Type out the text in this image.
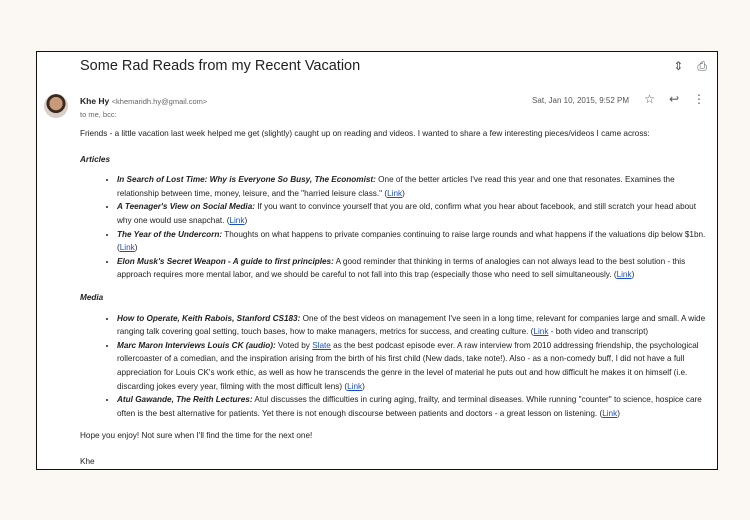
Some Rad Reads from my Recent Vacation	⇕ ⎙
Khe Hy <khemaridh.hy@gmail.com>
to me, bcc:
Sat, Jan 10, 2015, 9:52 PM ☆ ↩ ⋮

Friends - a little vacation last week helped me get (slightly) caught up on reading and videos. I wanted to share a few interesting pieces/videos I came across:

Articles
• In Search of Lost Time: Why is Everyone So Busy, The Economist: One of the better articles I've read this year and one that resonates. Examines the relationship between time, money, leisure, and the "harried leisure class." (Link)
• A Teenager's View on Social Media: If you want to convince yourself that you are old, confirm what you hear about facebook, and still scratch your head about why one would use snapchat. (Link)
• The Year of the Undercorn: Thoughts on what happens to private companies continuing to raise large rounds and what happens if the valuations dip below $1bn. (Link)
• Elon Musk's Secret Weapon - A guide to first principles: A good reminder that thinking in terms of analogies can not always lead to the best solution - this approach requires more mental labor, and we should be careful to not fall into this trap (especially those who need to sell simultaneously. (Link)
Media
• How to Operate, Keith Rabois, Stanford CS183: One of the best videos on management I've seen in a long time, relevant for companies large and small. A wide ranging talk covering goal setting, touch bases, how to make managers, metrics for success, and creating culture. (Link - both video and transcript)
• Marc Maron Interviews Louis CK (audio): Voted by Slate as the best podcast episode ever. A raw interview from 2010 addressing friendship, the psychological rollercoaster of a comedian, and the inspiration arising from the birth of his first child (New dads, take note!). Also - as a non-comedy buff, I did not have a full appreciation for Louis CK's work ethic, as well as how he transcends the genre in the level of material he puts out and how difficult he makes it on himself (i.e. discarding jokes every year, filming with the most difficult lens) (Link)
• Atul Gawande, The Reith Lectures: Atul discusses the difficulties in curing aging, frailty, and terminal diseases. While running "counter" to science, hospice care often is the best alternative for patients. Yet there is not enough discourse between patients and doctors - a great lesson on listening. (Link)

Hope you enjoy! Not sure when I'll find the time for the next one!

Khe
